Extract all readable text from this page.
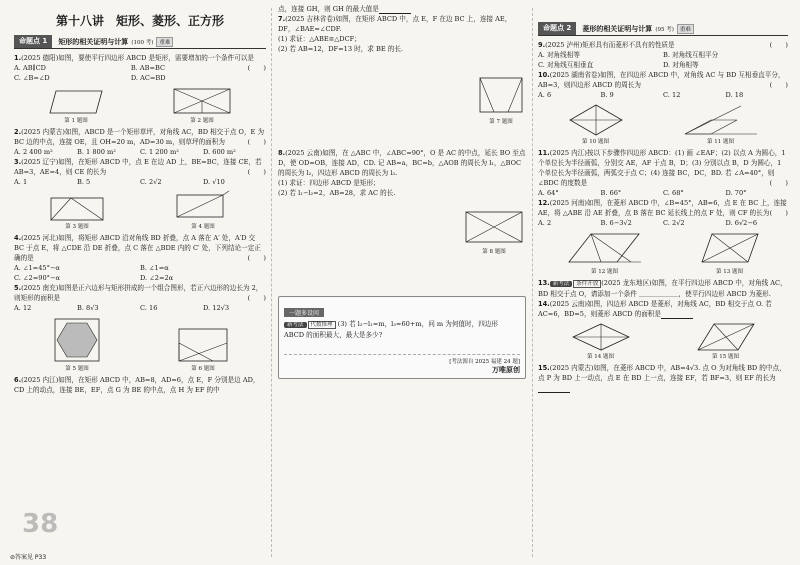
第十八讲　矩形、菱形、正方形
命题点 1	矩形的相关证明与计算 (100 考)	重难

1.(2025 德阳)如图，要使平行四边形 ABCD 是矩形，需要增加的一个条件可以是
(　　)

A. AB∥CD	B. AB=BC
C. ∠B=∠D	D. AC=BD
第 1 题图	第 2 题图

2.(2025 内蒙古)如图，ABCD 是一个矩形草坪，对角线 AC，BD 相交于点 O，E 为 BC 边的中点，连接 OE，且 OH=20 m，AD=30 m，则草坪的面积为	(　　)

A. 2 400 m²	B. 1 800 m²	C. 1 200 m²	D. 600 m²

3.(2025 辽宁)如图，在矩形 ABCD 中，点 E 在边 AD 上，BE=BC，连接 CE，若 AB=3，AE=4，则 CE 的长为	(　　)

A. 1	B. 5	C. 2√2	D. √10
第 3 题图	第 4 题图

4.(2025 河北)如图，将矩形 ABCD 沿对角线 BD 折叠，点 A 落在 A′ 处，A′D 交 BC 于点 E，将 △CDE 沿 DE 折叠，点 C 落在 △BDE 内的 C′ 处，下列结论一定正确的是	(　　)

A. ∠1=45°−α	B. ∠1=α
C. ∠2=90°−α	D. ∠2=2α

5.(2025 南充)如图是正六边形与矩形拼成的一个组合图形，若正六边形的边长为 2，则矩形的面积是	(　　)

A. 12	B. 8√3	C. 16	D. 12√3
第 5 题图	第 6 题图

6.(2025 内江)如图，在矩形 ABCD 中，AB=8，AD=6，点 E，F 分别是边 AD，CD 上的动点，连接 BE，EF，点 G 为 BE 的中点，点 H 为 EF 的中

点，连接 GH，则 GH 的最大值是

7.(2025 吉林省卷)如图，在矩形 ABCD 中，点 E，F 在边 BC 上，连接 AE，DF，∠BAE=∠CDF.

(1) 求证：△ABE≌△DCF；

(2) 若 AB=12，DF=13 时，求 BE 的长.

第 7 题图

8.(2025 云南)如图，在 △ABC 中，∠ABC=90°，O 是 AC 的中点，延长 BO 至点 D，使 OD=OB，连接 AD，CD. 记 AB=a，BC=b，△AOB 的周长为 l₁，△BOC 的周长为 l₂，四边形 ABCD 的周长为 l₃.

(1) 求证：四边形 ABCD 是矩形；

(2) 若 l₁−l₂=2，AB=28，求 AC 的长.

第 8 题图
一题多设问

新考法 代数推理 (3) 若 l₂−l₁=m，l₃=60+m，问 m 为何值时，四边形 ABCD 的面积最大，最大是多少?

[考法源自 2025 福建 24 题]
万唯原创
命题点 2	菱形的相关证明与计算 (95 考)	重难

9.(2025 泸州)矩形具有而菱形不具有的性质是	(　　)

A. 对角线相等	B. 对角线互相平分
C. 对角线互相垂直	D. 对角相等

10.(2025 湖南省卷)如图，在四边形 ABCD 中，对角线 AC 与 BD 互相垂直平分，AB=3，则四边形 ABCD 的周长为	(　　)

A. 6	B. 9	C. 12	D. 18
第 10 题图	第 11 题图

11.(2025 内江)按以下步骤作四边形 ABCD：(1) 画 ∠EAF；(2) 以点 A 为圆心，1 个单位长为半径画弧，分别交 AE，AF 于点 B，D；(3) 分别以点 B，D 为圆心，1 个单位长为半径画弧，两弧交于点 C；(4) 连接 BC，DC，BD. 若 ∠A=40°，则 ∠BDC 的度数是	(　　)

A. 64°	B. 66°	C. 68°	D. 70°

12.(2025 河南)如图，在菱形 ABCD 中，∠B=45°，AB=6，点 E 在 BC 上，连接 AE，将 △ABE 沿 AE 折叠，点 B 落在 BC 延长线上的点 F 处，则 CF 的长为 (　　)

A. 2	B. 6−3√2	C. 2√2	D. 6√2−6
第 12 题图	第 13 题图

13. 新考法 条件开放 (2025 龙东地区)如图，在平行四边形 ABCD 中，对角线 AC，BD 相交于点 O，请添加一个条件 ＿＿＿＿＿＿，使平行四边形 ABCD 为菱形.

14.(2025 云南)如图，四边形 ABCD 是菱形，对角线 AC，BD 相交于点 O. 若 AC=6，BD=5，则菱形 ABCD 的面积是

第 14 题图	第 15 题图

15.(2025 内蒙古)如图，在菱形 ABCD 中，AB=4√3. 点 O 为对角线 BD 的中点，点 P 为 BD 上一动点，点 E 在 BD 上一点，连接 EF，若 BF=3，则 EF 的长为

38
⊘答案见 P33
